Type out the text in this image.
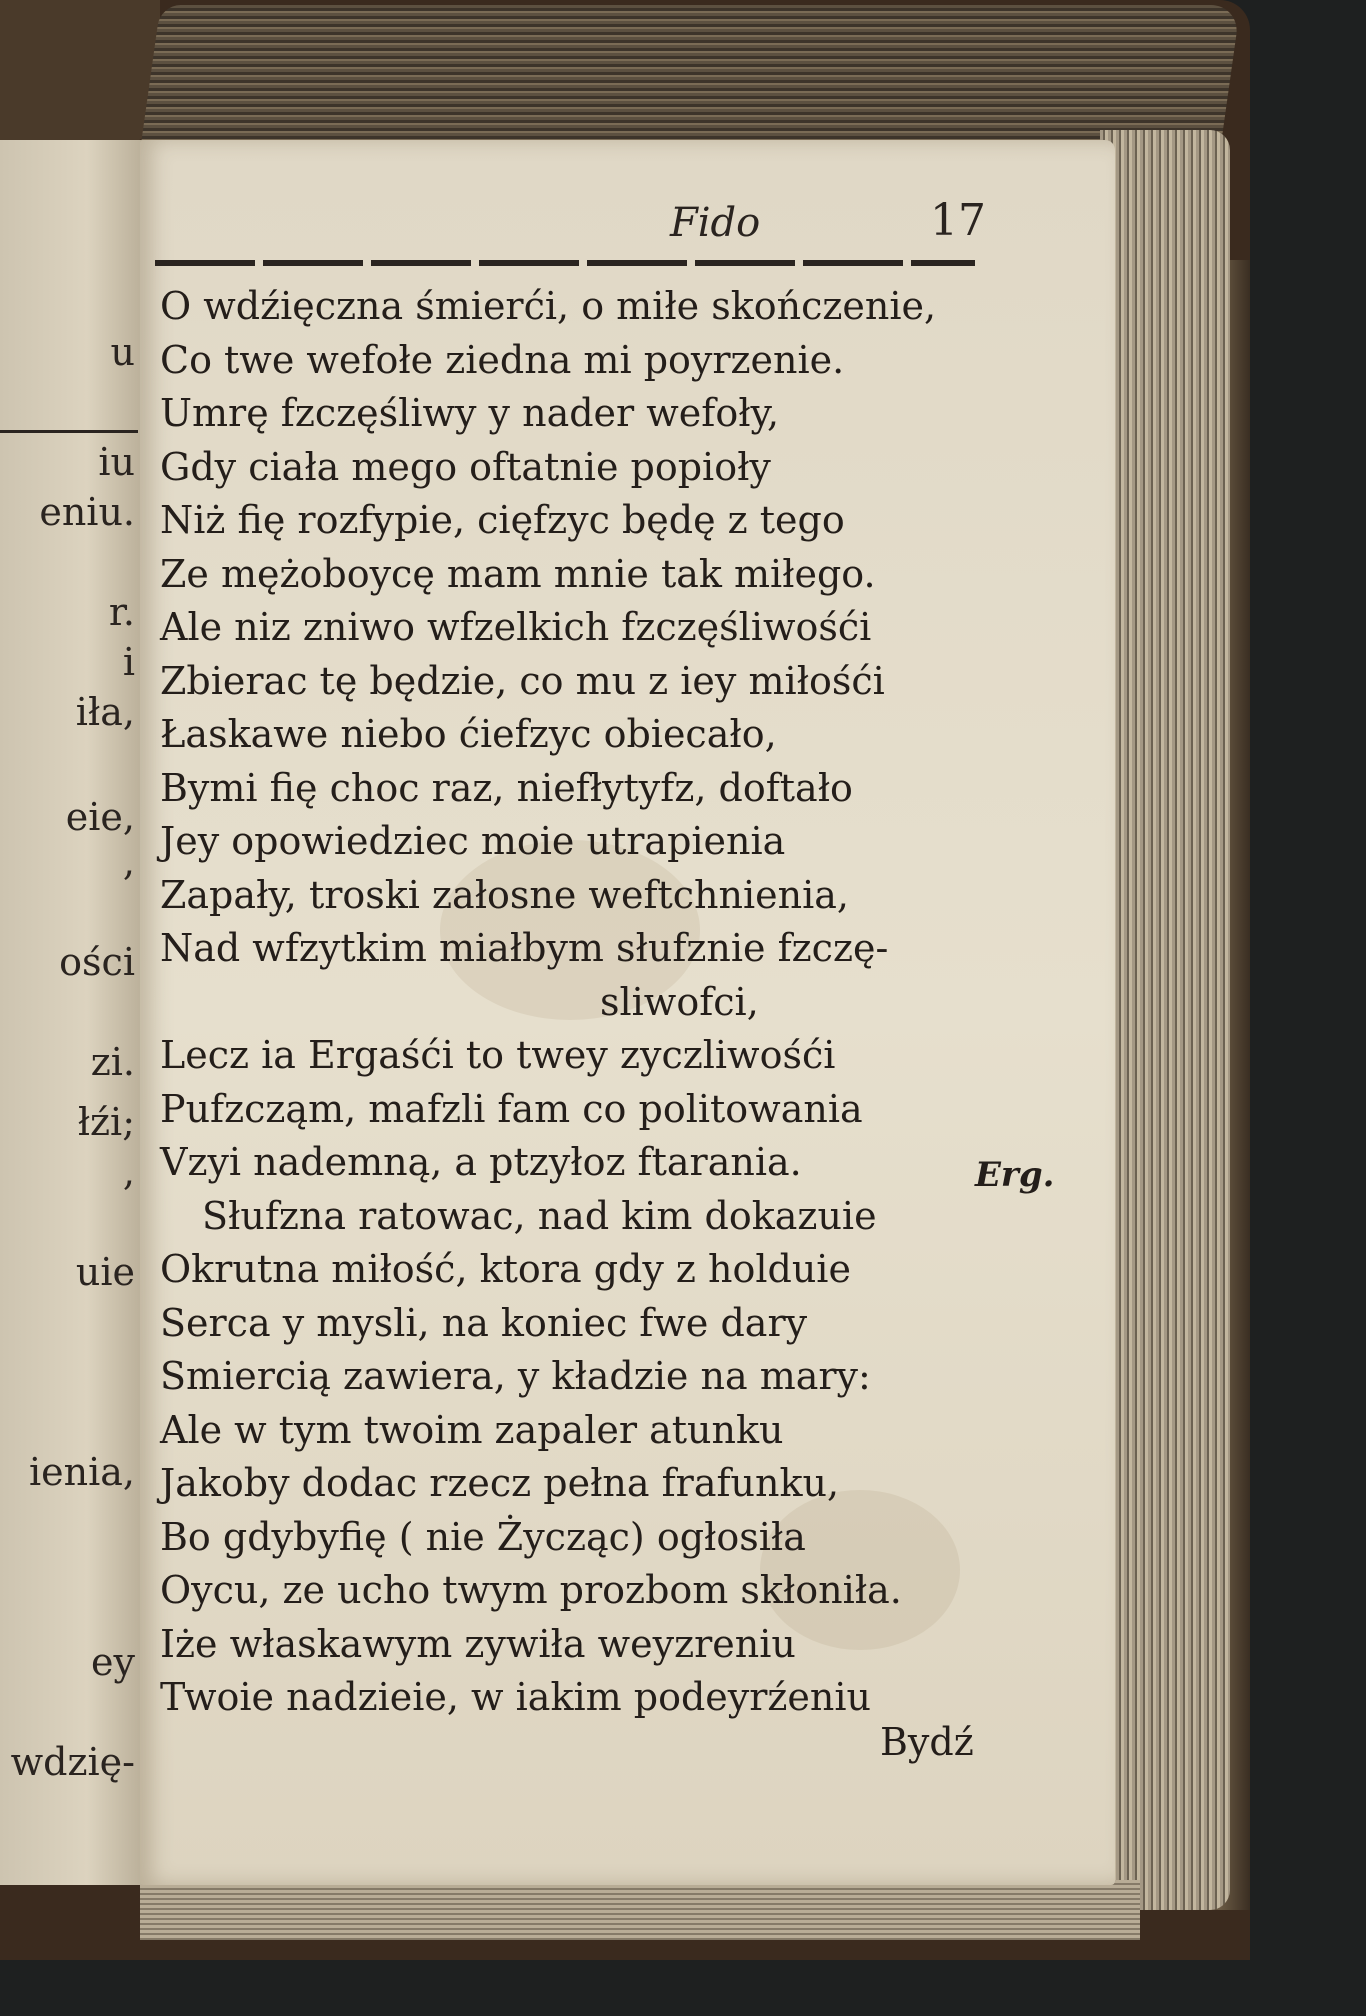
u
iu
eniu.
r.
i
iła,
eie,
,
ości
zi.
łźi;
,
uie
ienia,
ey
wdzię-
Fido	17
O wdźięczna śmierći, o miłe skończenie,
Co twe wefołe ziedna mi poyrzenie.
Umrę fzczęśliwy y nader wefoły,
Gdy ciała mego oftatnie popioły
Niż fię rozfypie, cięfzyc będę z tego
Ze mężoboycę mam mnie tak miłego.
Ale niz zniwo wfzelkich fzczęśliwośći
Zbierac tę będzie, co mu z iey miłośći
Łaskawe niebo ćiefzyc obiecało,
Bymi fię choc raz, niefłytyfz, doftało
Jey opowiedziec moie utrapienia
Zapały, troski załosne weftchnienia,
Nad wfzytkim miałbym słufznie fzczę-
sliwofci,
Lecz ia Ergaśći to twey zyczliwośći
Pufzcząm, mafzli fam co politowania
Vzyi nademną, a ptzyłoz ftarania.
Słufzna ratowac, nad kim dokazuie
Okrutna miłość, ktora gdy z holduie
Serca y mysli, na koniec fwe dary
Smiercią zawiera, y kładzie na mary:
Ale w tym twoim zapaler atunku
Jakoby dodac rzecz pełna frafunku,
Bo gdybyfię ( nie Życząc) ogłosiła
Oycu, ze ucho twym prozbom skłoniła.
Iże właskawym zywiła weyzreniu
Twoie nadzieie, w iakim podeyrźeniu
Erg.
Bydź
